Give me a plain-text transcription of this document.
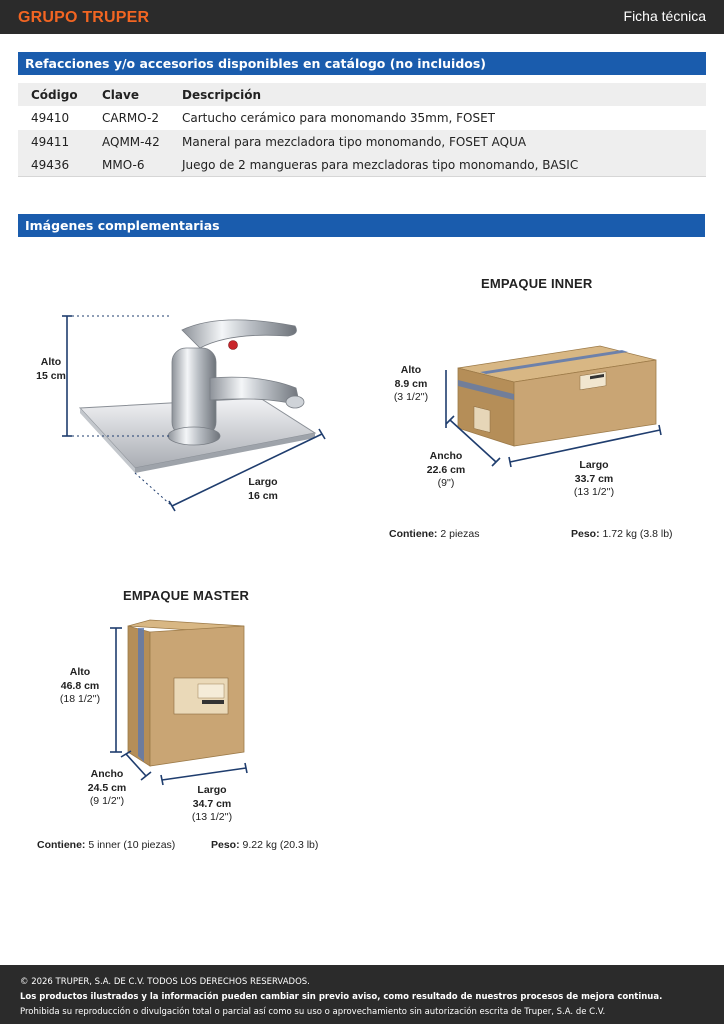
GRUPO TRUPER	Ficha técnica
Refacciones y/o accesorios disponibles en catálogo (no incluidos)
Código Clave	Descripción
49410	CARMO-2 Cartucho cerámico para monomando 35mm, FOSET
49411	AQMM-42 Maneral para mezcladora tipo monomando, FOSET AQUA
49436	MMO-6	Juego de 2 mangueras para mezcladoras tipo monomando, BASIC
Imágenes complementarias
Alto
15 cm
Largo
16 cm
EMPAQUE INNER
Alto
8.9 cm
(3 1/2'')
Ancho
22.6 cm
(9'')
Largo
33.7 cm
(13 1/2'')
Contiene: 2 piezas	Peso: 1.72 kg (3.8 lb)
EMPAQUE MASTER
Alto
46.8 cm
(18 1/2'')
Ancho
24.5 cm
(9 1/2'')
Largo
34.7 cm
(13 1/2'')
Contiene: 5 inner (10 piezas)	Peso: 9.22 kg (20.3 lb)
© 2026 TRUPER, S.A. DE C.V. TODOS LOS DERECHOS RESERVADOS.
Los productos ilustrados y la información pueden cambiar sin previo aviso, como resultado de nuestros procesos de mejora continua.
Prohibida su reproducción o divulgación total o parcial así como su uso o aprovechamiento sin autorización escrita de Truper, S.A. de C.V.
